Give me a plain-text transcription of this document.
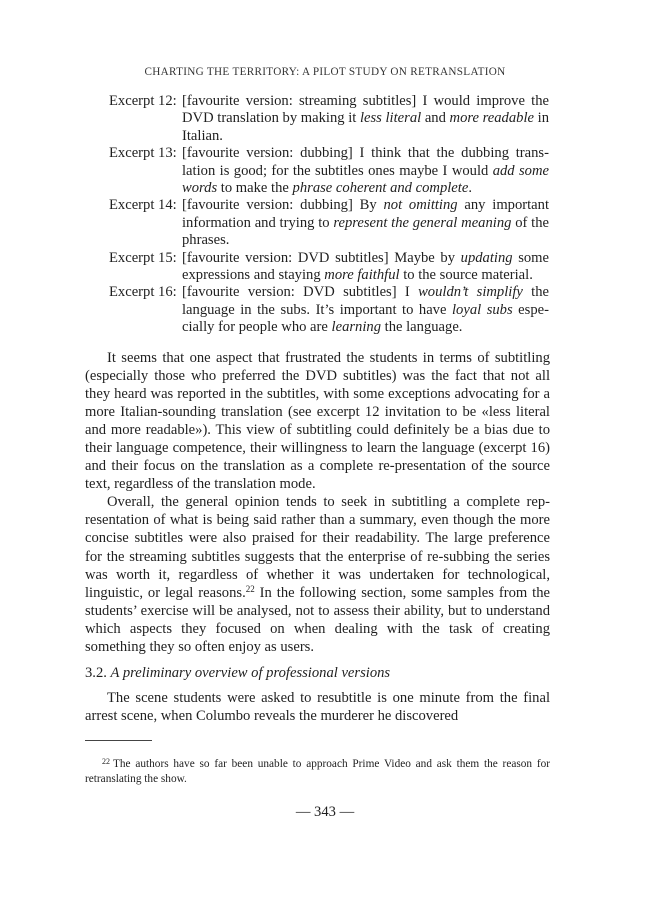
CHARTING THE TERRITORY: A PILOT STUDY ON RETRANSLATION
Excerpt 12: [favourite version: streaming subtitles] I would improve the DVD translation by making it less literal and more readable in Italian.
Excerpt 13: [favourite version: dubbing] I think that the dubbing translation is good; for the subtitles ones maybe I would add some words to make the phrase coherent and complete.
Excerpt 14: [favourite version: dubbing] By not omitting any important information and trying to represent the general meaning of the phrases.
Excerpt 15: [favourite version: DVD subtitles] Maybe by updating some expressions and staying more faithful to the source material.
Excerpt 16: [favourite version: DVD subtitles] I wouldn’t simplify the language in the subs. It’s important to have loyal subs especially for people who are learning the language.

It seems that one aspect that frustrated the students in terms of subtitling (especially those who preferred the DVD subtitles) was the fact that not all they heard was reported in the subtitles, with some exceptions advocating for a more Italian-sounding translation (see excerpt 12 invitation to be «less literal and more readable»). This view of subtitling could definitely be a bias due to their language competence, their willingness to learn the language (excerpt 16) and their focus on the translation as a complete re-presentation of the source text, regardless of the translation mode.

Overall, the general opinion tends to seek in subtitling a complete representation of what is being said rather than a summary, even though the more concise subtitles were also praised for their readability. The large preference for the streaming subtitles suggests that the enterprise of re-subbing the series was worth it, regardless of whether it was undertaken for technological, linguistic, or legal reasons.$^{22}$ In the following section, some samples from the students’ exercise will be analysed, not to assess their ability, but to understand which aspects they focused on when dealing with the task of creating something they so often enjoy as users.

3.2. A preliminary overview of professional versions

The scene students were asked to resubtitle is one minute from the final arrest scene, when Columbo reveals the murderer he discovered

$^{22}$ The authors have so far been unable to approach Prime Video and ask them the reason for retranslating the show.
— 343 —
